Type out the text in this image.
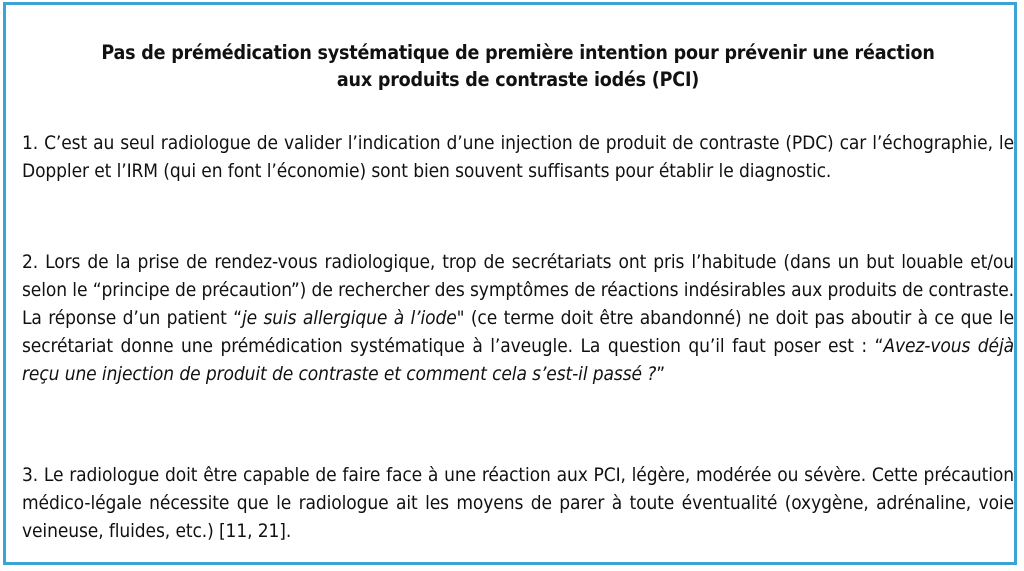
Pas de prémédication systématique de première intention pour prévenir une réaction
aux produits de contraste iodés (PCI)
1. C’est au seul radiologue de valider l’indication d’une injection de produit de contraste (PDC) car l’échographie, le Doppler et l’IRM (qui en font l’économie) sont bien souvent suffisants pour établir le diagnostic.
2. Lors de la prise de rendez-vous radiologique, trop de secrétariats ont pris l’habitude (dans un but louable et/ou selon le “principe de précaution”) de rechercher des symptômes de réactions indésirables aux produits de contraste. La réponse d’un patient “je suis allergique à l’iode" (ce terme doit être abandonné) ne doit pas aboutir à ce que le secrétariat donne une prémédication systématique à l’aveugle. La question qu’il faut poser est : “Avez-vous déjà reçu une injection de produit de contraste et comment cela s’est-il passé ?”
3. Le radiologue doit être capable de faire face à une réaction aux PCI, légère, modérée ou sévère. Cette précaution médico-légale nécessite que le radiologue ait les moyens de parer à toute éventualité (oxygène, adrénaline, voie veineuse, fluides, etc.) [11, 21].
